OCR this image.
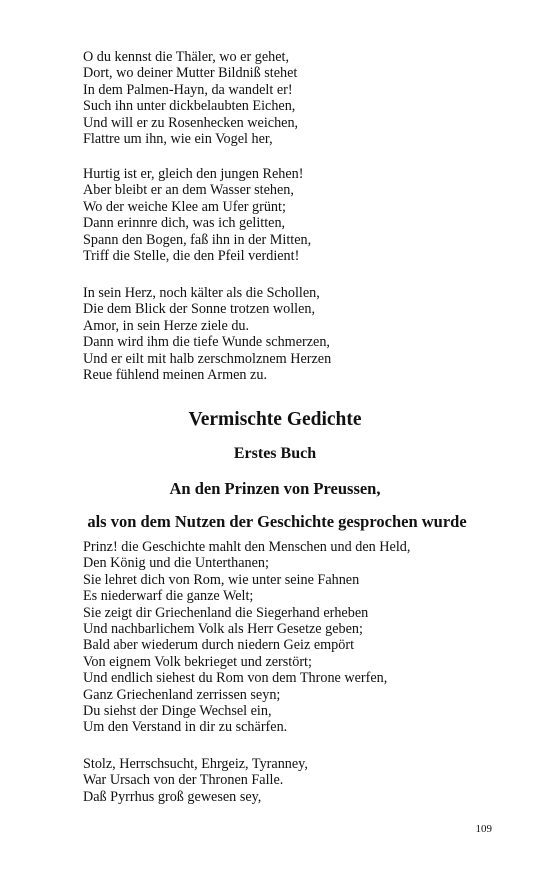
O du kennst die Thäler, wo er gehet,
Dort, wo deiner Mutter Bildniß stehet
In dem Palmen-Hayn, da wandelt er!
Such ihn unter dickbelaubten Eichen,
Und will er zu Rosenhecken weichen,
Flattre um ihn, wie ein Vogel her,
Hurtig ist er, gleich den jungen Rehen!
Aber bleibt er an dem Wasser stehen,
Wo der weiche Klee am Ufer grünt;
Dann erinnre dich, was ich gelitten,
Spann den Bogen, faß ihn in der Mitten,
Triff die Stelle, die den Pfeil verdient!
In sein Herz, noch kälter als die Schollen,
Die dem Blick der Sonne trotzen wollen,
Amor, in sein Herze ziele du.
Dann wird ihm die tiefe Wunde schmerzen,
Und er eilt mit halb zerschmolznem Herzen
Reue fühlend meinen Armen zu.
Vermischte Gedichte
Erstes Buch
An den Prinzen von Preussen,
als von dem Nutzen der Geschichte gesprochen wurde
Prinz! die Geschichte mahlt den Menschen und den Held,
Den König und die Unterthanen;
Sie lehret dich von Rom, wie unter seine Fahnen
Es niederwarf die ganze Welt;
Sie zeigt dir Griechenland die Siegerhand erheben
Und nachbarlichem Volk als Herr Gesetze geben;
Bald aber wiederum durch niedern Geiz empört
Von eignem Volk bekrieget und zerstört;
Und endlich siehest du Rom von dem Throne werfen,
Ganz Griechenland zerrissen seyn;
Du siehst der Dinge Wechsel ein,
Um den Verstand in dir zu schärfen.
Stolz, Herrschsucht, Ehrgeiz, Tyranney,
War Ursach von der Thronen Falle.
Daß Pyrrhus groß gewesen sey,
109
